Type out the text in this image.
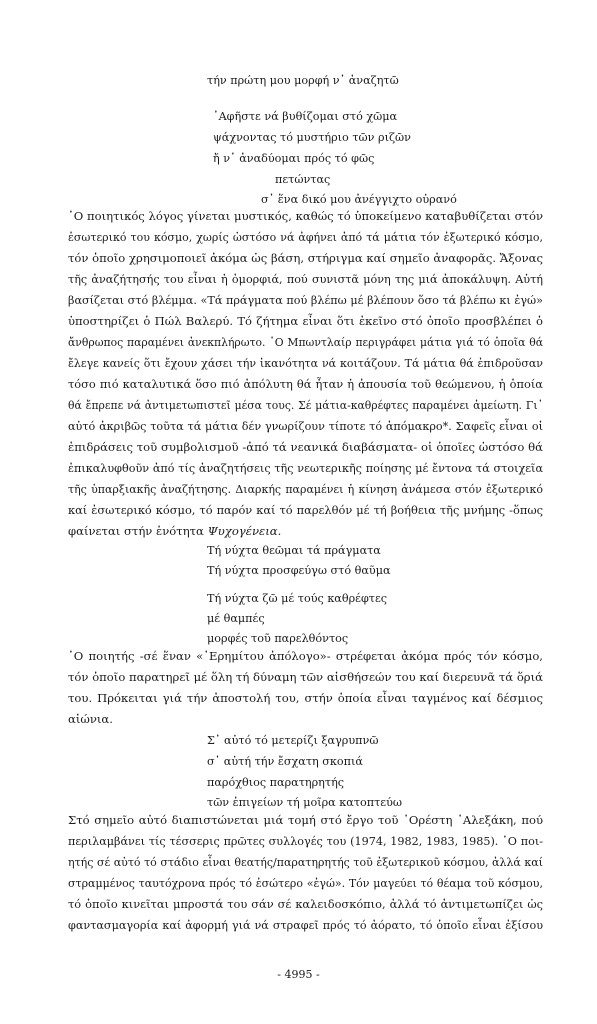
τήν πρώτη μου μορφή ν᾽ ἀναζητῶ
᾽Αφῆστε νά βυθίζομαι στό χῶμα
ψάχνοντας τό μυστήριο τῶν ριζῶν
ἤ ν᾽ ἀναδύομαι πρός τό φῶς
πετώντας
σ᾽ ἕνα δικό μου ἀνέγγιχτο οὐρανό
῾Ο ποιητικός λόγος γίνεται μυστικός, καθώς τό ὑποκείμενο καταβυθίζεται στόν
ἐσωτερικό του κόσμο, χωρίς ὡστόσο νά ἀφήνει ἀπό τά μάτια τόν ἐξωτερικό κόσμο,
τόν ὁποῖο χρησιμοποιεῖ ἀκόμα ὡς βάση, στήριγμα καί σημεῖο ἀναφορᾶς. Ἄξονας
τῆς ἀναζήτησής του εἶναι ἡ ὀμορφιά, πού συνιστᾶ μόνη της μιά ἀποκάλυψη. Αὐτή
βασίζεται στό βλέμμα. «Τά πράγματα πού βλέπω μέ βλέπουν ὅσο τά βλέπω κι ἐγώ»
ὑποστηρίζει ὁ Πώλ Βαλερύ. Τό ζήτημα εἶναι ὅτι ἐκεῖνο στό ὁποῖο προσβλέπει ὁ
ἄνθρωπος παραμένει ἀνεκπλήρωτο. ῾Ο Μπωντλαίρ περιγράφει μάτια γιά τό ὁποῖα θά
ἔλεγε κανείς ὅτι ἔχουν χάσει τήν ἱκανότητα νά κοιτάζουν. Τά μάτια θά ἐπιδροῦσαν
τόσο πιό καταλυτικά ὅσο πιό ἀπόλυτη θά ἦταν ἡ ἀπουσία τοῦ θεώμενου, ἡ ὁποία
θά ἔπρεπε νά ἀντιμετωπιστεῖ μέσα τους. Σέ μάτια-καθρέφτες παραμένει ἀμείωτη. Γι᾽
αὐτό ἀκριβῶς τοῦτα τά μάτια δέν γνωρίζουν τίποτε τό ἀπόμακρο*. Σαφεῖς εἶναι οἱ
ἐπιδράσεις τοῦ συμβολισμοῦ -ἀπό τά νεανικά διαβάσματα- οἱ ὁποῖες ὡστόσο θά
ἐπικαλυφθοῦν ἀπό τίς ἀναζητήσεις τῆς νεωτερικῆς ποίησης μέ ἔντονα τά στοιχεῖα
τῆς ὑπαρξιακῆς ἀναζήτησης. Διαρκής παραμένει ἡ κίνηση ἀνάμεσα στόν ἐξωτερικό
καί ἐσωτερικό κόσμο, τό παρόν καί τό παρελθόν μέ τή βοήθεια τῆς μνήμης -ὅπως
φαίνεται στήν ἑνότητα Ψυχογένεια.
Τή νύχτα θεῶμαι τά πράγματα
Τή νύχτα προσφεύγω στό θαῦμα
Τή νύχτα ζῶ μέ τούς καθρέφτες
μέ θαμπές
μορφές τοῦ παρελθόντος
῾Ο ποιητής -σέ ἕναν «᾽Ερημίτου ἀπόλογο»- στρέφεται ἀκόμα πρός τόν κόσμο,
τόν ὁποῖο παρατηρεῖ μέ ὅλη τή δύναμη τῶν αἰσθήσεών του καί διερευνᾶ τά ὅριά
του. Πρόκειται γιά τήν ἀποστολή του, στήν ὁποία εἶναι ταγμένος καί δέσμιος
αἰώνια.
Σ᾽ αὐτό τό μετερίζι ξαγρυπνῶ
σ᾽ αὐτή τήν ἔσχατη σκοπιά
παρόχθιος παρατηρητής
τῶν ἐπιγείων τή μοῖρα κατοπτεύω
Στό σημεῖο αὐτό διαπιστώνεται μιά τομή στό ἔργο τοῦ ᾽Ορέστη ᾽Αλεξάκη, πού
περιλαμβάνει τίς τέσσερις πρῶτες συλλογές του (1974, 1982, 1983, 1985). ῾Ο ποι-
ητής σέ αὐτό τό στάδιο εἶναι θεατής/παρατηρητής τοῦ ἐξωτερικοῦ κόσμου, ἀλλά καί
στραμμένος ταυτόχρονα πρός τό ἐσώτερο «ἐγώ». Τόν μαγεύει τό θέαμα τοῦ κόσμου,
τό ὁποῖο κινεῖται μπροστά του σάν σέ καλειδοσκόπιο, ἀλλά τό ἀντιμετωπίζει ὡς
φαντασμαγορία καί ἀφορμή γιά νά στραφεῖ πρός τό ἀόρατο, τό ὁποῖο εἶναι ἐξίσου
- 4995 -
